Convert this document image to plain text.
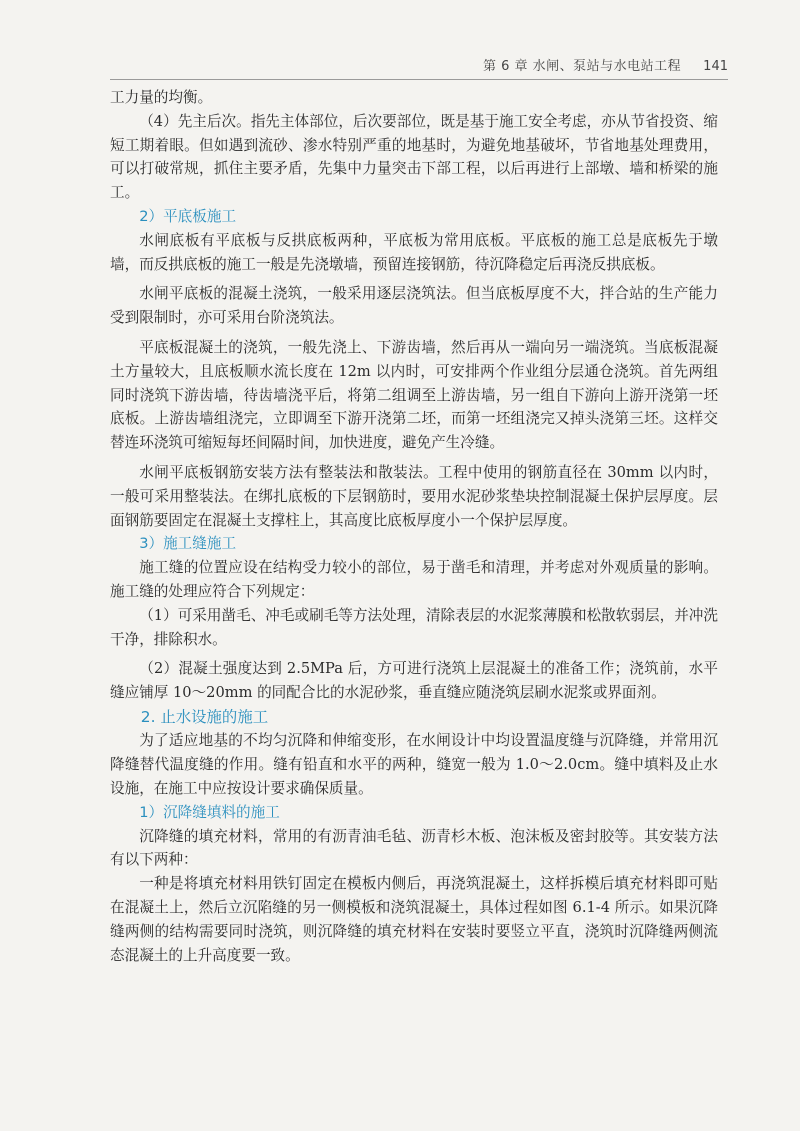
第 6 章 水闸、泵站与水电站工程 141

工力量的均衡。

（4）先主后次。指先主体部位，后次要部位，既是基于施工安全考虑，亦从节省投资、缩短工期着眼。但如遇到流砂、渗水特别严重的地基时，为避免地基破坏，节省地基处理费用，可以打破常规，抓住主要矛盾，先集中力量突击下部工程，以后再进行上部墩、墙和桥梁的施工。

2）平底板施工

水闸底板有平底板与反拱底板两种，平底板为常用底板。平底板的施工总是底板先于墩墙，而反拱底板的施工一般是先浇墩墙，预留连接钢筋，待沉降稳定后再浇反拱底板。

水闸平底板的混凝土浇筑，一般采用逐层浇筑法。但当底板厚度不大，拌合站的生产能力受到限制时，亦可采用台阶浇筑法。

平底板混凝土的浇筑，一般先浇上、下游齿墙，然后再从一端向另一端浇筑。当底板混凝土方量较大，且底板顺水流长度在 12m 以内时，可安排两个作业组分层通仓浇筑。首先两组同时浇筑下游齿墙，待齿墙浇平后，将第二组调至上游齿墙，另一组自下游向上游开浇第一坯底板。上游齿墙组浇完，立即调至下游开浇第二坯，而第一坯组浇完又掉头浇第三坯。这样交替连环浇筑可缩短每坯间隔时间，加快进度，避免产生冷缝。

水闸平底板钢筋安装方法有整装法和散装法。工程中使用的钢筋直径在 30mm 以内时，一般可采用整装法。在绑扎底板的下层钢筋时，要用水泥砂浆垫块控制混凝土保护层厚度。层面钢筋要固定在混凝土支撑柱上，其高度比底板厚度小一个保护层厚度。

3）施工缝施工

施工缝的位置应设在结构受力较小的部位，易于凿毛和清理，并考虑对外观质量的影响。施工缝的处理应符合下列规定：

（1）可采用凿毛、冲毛或刷毛等方法处理，清除表层的水泥浆薄膜和松散软弱层，并冲洗干净，排除积水。

（2）混凝土强度达到 2.5MPa 后，方可进行浇筑上层混凝土的准备工作；浇筑前，水平缝应铺厚 10～20mm 的同配合比的水泥砂浆，垂直缝应随浇筑层刷水泥浆或界面剂。

2. 止水设施的施工

为了适应地基的不均匀沉降和伸缩变形，在水闸设计中均设置温度缝与沉降缝，并常用沉降缝替代温度缝的作用。缝有铅直和水平的两种，缝宽一般为 1.0～2.0cm。缝中填料及止水设施，在施工中应按设计要求确保质量。

1）沉降缝填料的施工

沉降缝的填充材料，常用的有沥青油毛毡、沥青杉木板、泡沫板及密封胶等。其安装方法有以下两种：

一种是将填充材料用铁钉固定在模板内侧后，再浇筑混凝土，这样拆模后填充材料即可贴在混凝土上，然后立沉陷缝的另一侧模板和浇筑混凝土，具体过程如图 6.1-4 所示。如果沉降缝两侧的结构需要同时浇筑，则沉降缝的填充材料在安装时要竖立平直，浇筑时沉降缝两侧流态混凝土的上升高度要一致。
